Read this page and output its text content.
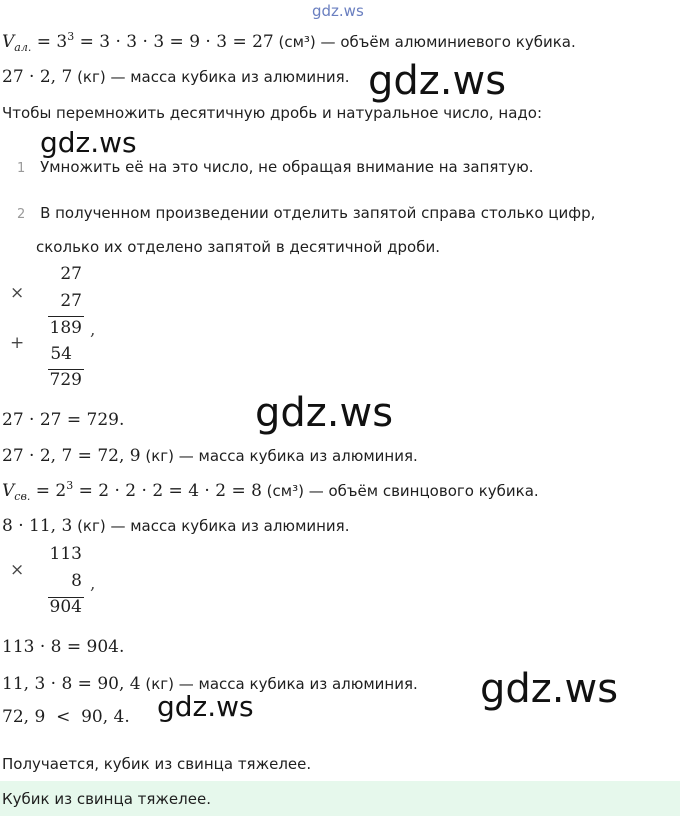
gdz.ws
$V_{ал.} = 3^3 = 3 \cdot 3 \cdot 3 = 9 \cdot 3 = 27$ (см³) — объём алюминиевого кубика.
27 · 2, 7 (кг) — масса кубика из алюминия.
Чтобы перемножить десятичную дробь и натуральное число, надо:
1 Умножить её на это число, не обращая внимание на запятую.
2 В полученном произведении отделить запятой справа столько цифр,
сколько их отделено запятой в десятичной дроби.
×
27
27
189 ,
+
54
729
27 · 27 = 729.
27 · 2, 7 = 72, 9 (кг) — масса кубика из алюминия.
$V_{св.} = 2^3 = 2 \cdot 2 \cdot 2 = 4 \cdot 2 = 8$ (см³) — объём свинцового кубика.
8 · 11, 3 (кг) — масса кубика из алюминия.
×
113
8 ,
904
113 · 8 = 904.
11, 3 · 8 = 90, 4 (кг) — масса кубика из алюминия.
72, 9  <  90, 4.
Получается, кубик из свинца тяжелее.
Кубик из свинца тяжелее.
gdz.ws
gdz.ws
gdz.ws
gdz.ws
gdz.ws
